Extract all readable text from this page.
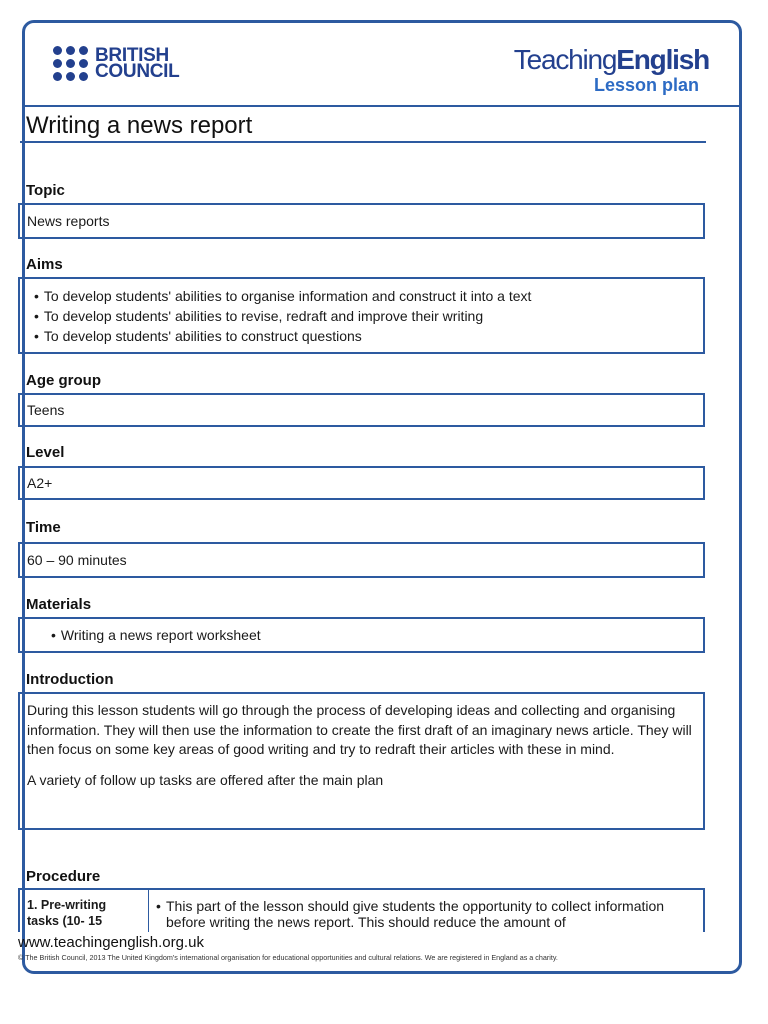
BRITISH
COUNCIL	TeachingEnglish
Lesson plan
Writing a news report
Topic
News reports
Aims
• To develop students' abilities to organise information and construct it into a text
• To develop students' abilities to revise, redraft and improve their writing
• To develop students' abilities to construct questions
Age group
Teens
Level
A2+
Time
60 – 90 minutes
Materials
• Writing a news report worksheet
Introduction

During this lesson students will go through the process of developing ideas and collecting and organising information. They will then use the information to create the first draft of an imaginary news article. They will then focus on some key areas of good writing and try to redraft their articles with these in mind.

A variety of follow up tasks are offered after the main plan

Procedure
1. Pre-writing tasks (10- 15
• This part of the lesson should give students the opportunity to collect information before writing the news report. This should reduce the amount of
www.teachingenglish.org.uk
© The British Council, 2013 The United Kingdom's international organisation for educational opportunities and cultural relations. We are registered in England as a charity.
